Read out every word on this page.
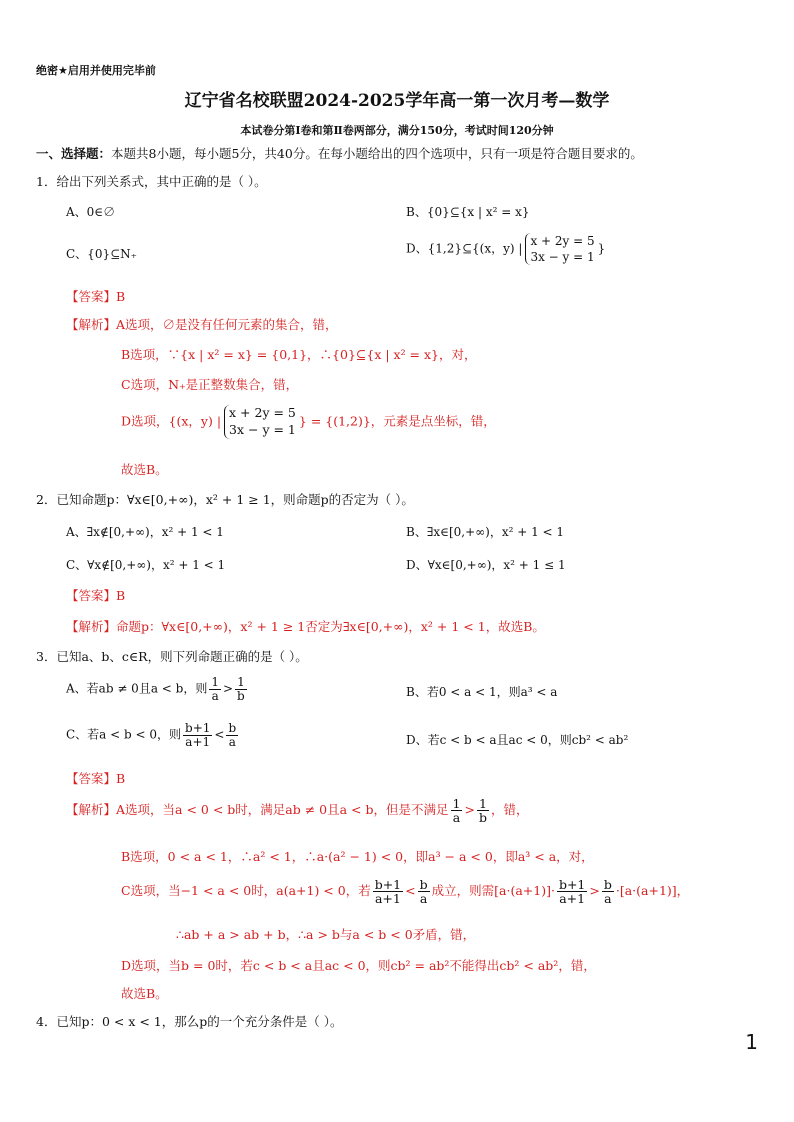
绝密★启用并使用完毕前
辽宁省名校联盟2024-2025学年高一第一次月考—数学
本试卷分第Ⅰ卷和第Ⅱ卷两部分，满分150分，考试时间120分钟
一、选择题：本题共8小题，每小题5分，共40分。在每小题给出的四个选项中，只有一项是符合题目要求的。
1．给出下列关系式，其中正确的是（ ）。
A、0∈∅	B、{0}⊆{x | x² = x}
C、{0}⊆N₊	D、{1,2}⊆{(x，y) |
x + 2y = 5
3x − y = 1
}
【答案】B
【解析】A选项，∅是没有任何元素的集合，错，
B选项，∵{x | x² = x} = {0,1}，∴{0}⊆{x | x² = x}，对，
C选项，N₊是正整数集合，错，
D选项，{(x，y) |
x + 2y = 5
3x − y = 1
} = {(1,2)}，元素是点坐标，错，
故选B。
2．已知命题p：∀x∈[0,+∞)，x² + 1 ≥ 1，则命题p的否定为（ ）。
A、∃x∉[0,+∞)，x² + 1 < 1	B、∃x∈[0,+∞)，x² + 1 < 1
C、∀x∉[0,+∞)，x² + 1 < 1	D、∀x∈[0,+∞)，x² + 1 ≤ 1
【答案】B
【解析】命题p：∀x∈[0,+∞)，x² + 1 ≥ 1否定为∃x∈[0,+∞)，x² + 1 < 1，故选B。
3．已知a、b、c∈R，则下列命题正确的是（ ）。
A、若ab ≠ 0且a < b，则 $\frac{1}{a} > \frac{1}{b}$	B、若0 < a < 1，则a³ < a
C、若a < b < 0，则 $\frac{b+1}{a+1} < \frac{b}{a}$	D、若c < b < a且ac < 0，则cb² < ab²
【答案】B
【解析】A选项，当a < 0 < b时，满足ab ≠ 0且a < b，但是不满足 $\frac{1}{a} > \frac{1}{b}$ ，错，
B选项，0 < a < 1，∴a² < 1，∴a·(a² − 1) < 0，即a³ − a < 0，即a³ < a，对，
C选项，当−1 < a < 0时，a(a+1) < 0，若 $\frac{b+1}{a+1} < \frac{b}{a}$ 成立，则需$[a\cdot(a+1)]\cdot \frac{b+1}{a+1} > \frac{b}{a} \cdot[a\cdot(a+1)]$，
∴ab + a > ab + b，∴a > b与a < b < 0矛盾，错，
D选项，当b = 0时，若c < b < a且ac < 0，则cb² = ab²不能得出cb² < ab²，错，
故选B。
4．已知p：0 < x < 1，那么p的一个充分条件是（ ）。
1
